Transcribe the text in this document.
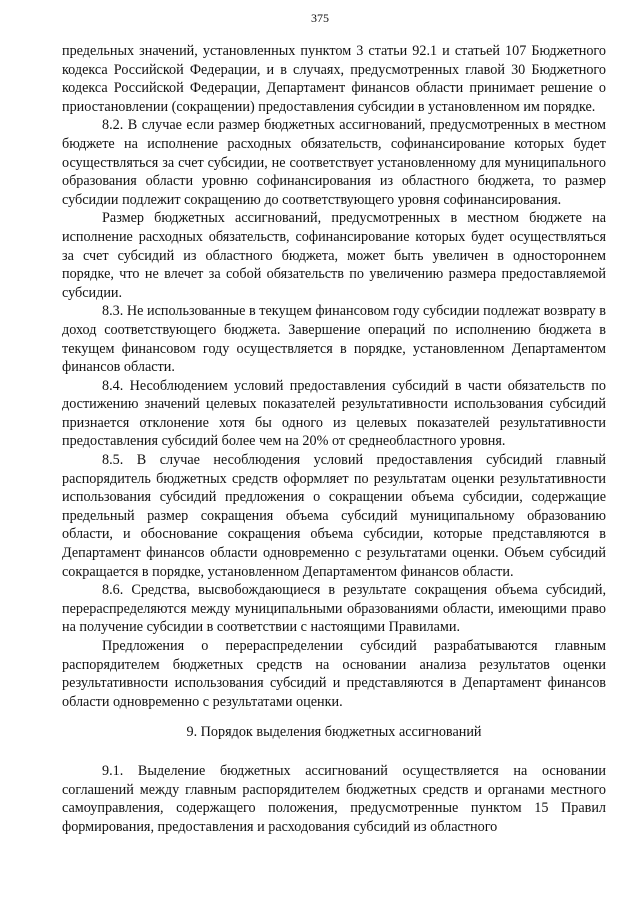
375

предельных значений, установленных пунктом 3 статьи 92.1 и статьей 107 Бюджетного кодекса Российской Федерации, и в случаях, предусмотренных главой 30 Бюджетного кодекса Российской Федерации, Департамент финансов области принимает решение о приостановлении (сокращении) предоставления субсидии в установленном им порядке.

8.2. В случае если размер бюджетных ассигнований, предусмотренных в местном бюджете на исполнение расходных обязательств, софинансирование которых будет осуществляться за счет субсидии, не соответствует установленному для муниципального образования области уровню софинансирования из областного бюджета, то размер субсидии подлежит сокращению до соответствующего уровня софинансирования.

Размер бюджетных ассигнований, предусмотренных в местном бюджете на исполнение расходных обязательств, софинансирование которых будет осуществляться за счет субсидий из областного бюджета, может быть увеличен в одностороннем порядке, что не влечет за собой обязательств по увеличению размера предоставляемой субсидии.

8.3. Не использованные в текущем финансовом году субсидии подлежат возврату в доход соответствующего бюджета. Завершение операций по исполнению бюджета в текущем финансовом году осуществляется в порядке, установленном Департаментом финансов области.

8.4. Несоблюдением условий предоставления субсидий в части обязательств по достижению значений целевых показателей результативности использования субсидий признается отклонение хотя бы одного из целевых показателей результативности предоставления субсидий более чем на 20% от среднеобластного уровня.

8.5. В случае несоблюдения условий предоставления субсидий главный распорядитель бюджетных средств оформляет по результатам оценки результативности использования субсидий предложения о сокращении объема субсидии, содержащие предельный размер сокращения объема субсидий муниципальному образованию области, и обоснование сокращения объема субсидии, которые представляются в Департамент финансов области одновременно с результатами оценки. Объем субсидий сокращается в порядке, установленном Департаментом финансов области.

8.6. Средства, высвобождающиеся в результате сокращения объема субсидий, перераспределяются между муниципальными образованиями области, имеющими право на получение субсидии в соответствии с настоящими Правилами.

Предложения о перераспределении субсидий разрабатываются главным распорядителем бюджетных средств на основании анализа результатов оценки результативности использования субсидий и представляются в Департамент финансов области одновременно с результатами оценки.

9. Порядок выделения бюджетных ассигнований

9.1. Выделение бюджетных ассигнований осуществляется на основании соглашений между главным распорядителем бюджетных средств и органами местного самоуправления, содержащего положения, предусмотренные пунктом 15 Правил формирования, предоставления и расходования субсидий из областного
